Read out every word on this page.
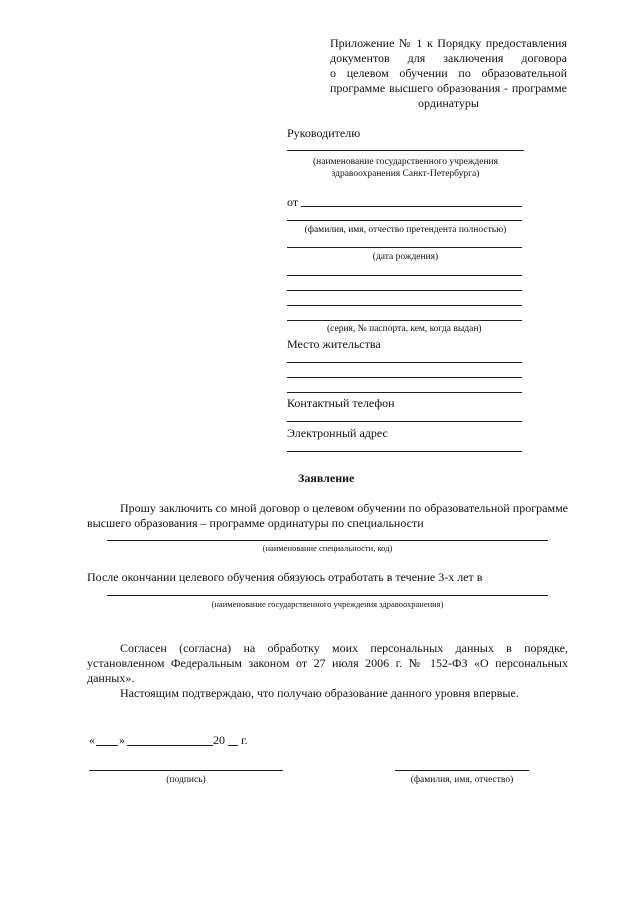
Приложение № 1 к Порядку предоставления
документов для заключения договора
о целевом обучении по образовательной
программе высшего образования - программе
ординатуры
Руководителю
(наименование государственного учреждения
здравоохранения Санкт-Петербурга)
от
(фамилия, имя, отчество претендента полностью)
(дата рождения)
(серия, № паспорта, кем, когда выдан)
Место жительства
Контактный телефон
Электронный адрес
Заявление
Прошу заключить со мной договор о целевом обучении по образовательной программе
высшего образования – программе ординатуры по специальности
(наименование специальности, код)
После окончании целевого обучения обязуюсь отработать в течение 3-х лет в
(наименование государственного учреждения здравоохранения)
Согласен (согласна) на обработку моих персональных данных в порядке,
установленном Федеральным законом от 27 июля 2006 г. № 152-ФЗ «О персональных
данных».
Настоящим подтверждаю, что получаю образование данного уровня впервые.
« »	20 г.
(подпись)	(фамилия, имя, отчество)
